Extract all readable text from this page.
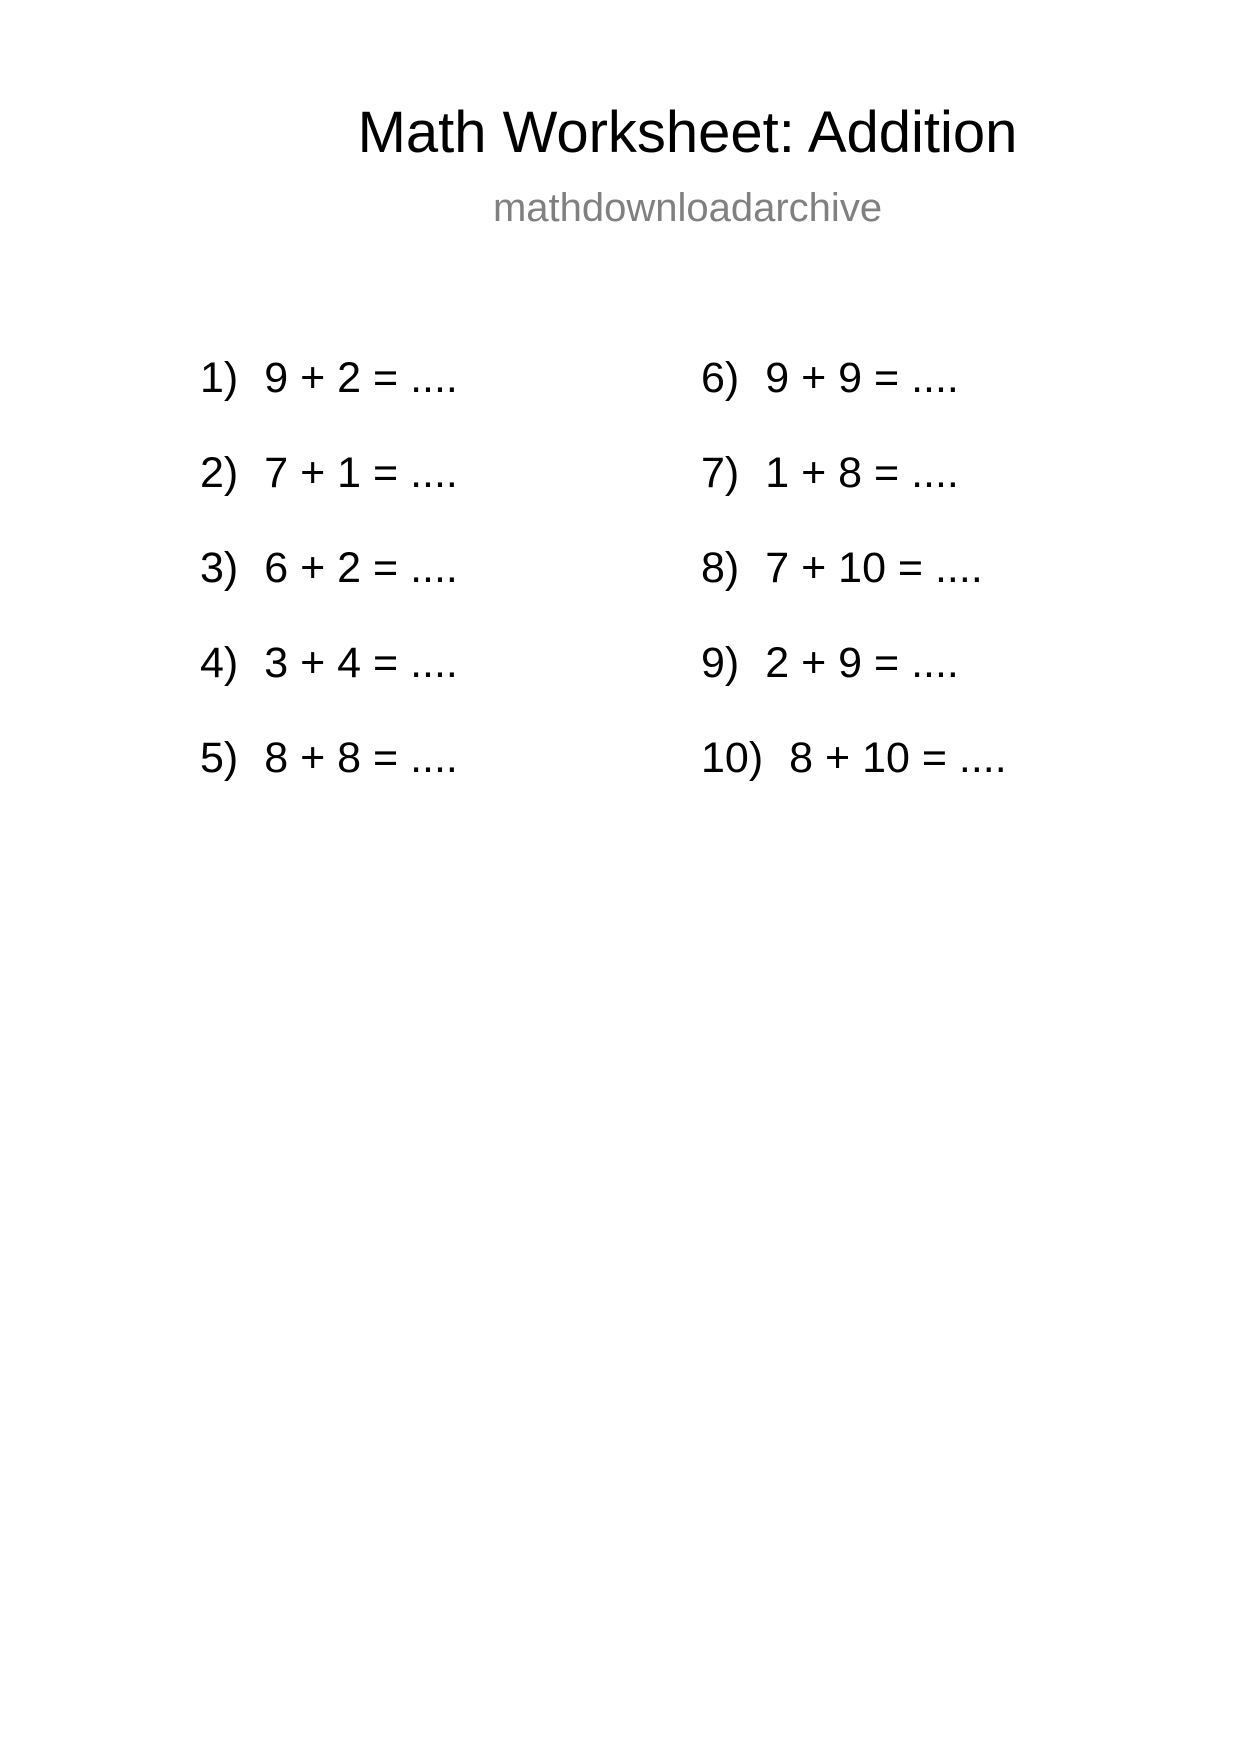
Math Worksheet: Addition
mathdownloadarchive
1) 9 + 2 = ....
2) 7 + 1 = ....
3) 6 + 2 = ....
4) 3 + 4 = ....
5) 8 + 8 = ....
6) 9 + 9 = ....
7) 1 + 8 = ....
8) 7 + 10 = ....
9) 2 + 9 = ....
10) 8 + 10 = ....
